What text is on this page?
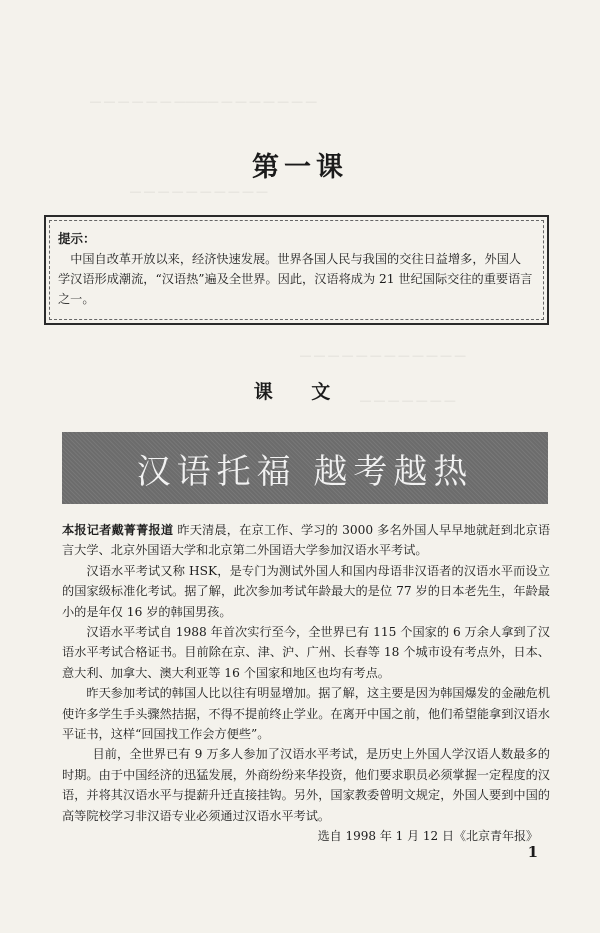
— — — — — — ———— — — — — — — —
— — — — — — — — — —
— — — — — — — — — — — —
— — — — — — —
第一课
提示：
中国自改革开放以来，经济快速发展。世界各国人民与我国的交往日益增多，外国人学汉语形成潮流，“汉语热”遍及全世界。因此，汉语将成为 21 世纪国际交往的重要语言之一。
课 文
汉语托福 越考越热

本报记者戴菁菁报道 昨天清晨，在京工作、学习的 3000 多名外国人早早地就赶到北京语言大学、北京外国语大学和北京第二外国语大学参加汉语水平考试。

汉语水平考试又称 HSK，是专门为测试外国人和国内母语非汉语者的汉语水平而设立的国家级标准化考试。据了解，此次参加考试年龄最大的是位 77 岁的日本老先生，年龄最小的是年仅 16 岁的韩国男孩。

汉语水平考试自 1988 年首次实行至今，全世界已有 115 个国家的 6 万余人拿到了汉语水平考试合格证书。目前除在京、津、沪、广州、长春等 18 个城市设有考点外，日本、意大利、加拿大、澳大利亚等 16 个国家和地区也均有考点。

昨天参加考试的韩国人比以往有明显增加。据了解，这主要是因为韩国爆发的金融危机使许多学生手头骤然拮据，不得不提前终止学业。在离开中国之前，他们希望能拿到汉语水平证书，这样“回国找工作会方便些”。

目前，全世界已有 9 万多人参加了汉语水平考试，是历史上外国人学汉语人数最多的时期。由于中国经济的迅猛发展，外商纷纷来华投资，他们要求职员必须掌握一定程度的汉语，并将其汉语水平与提薪升迁直接挂钩。另外，国家教委曾明文规定，外国人要到中国的高等院校学习非汉语专业必须通过汉语水平考试。

选自 1998 年 1 月 12 日《北京青年报》
1
